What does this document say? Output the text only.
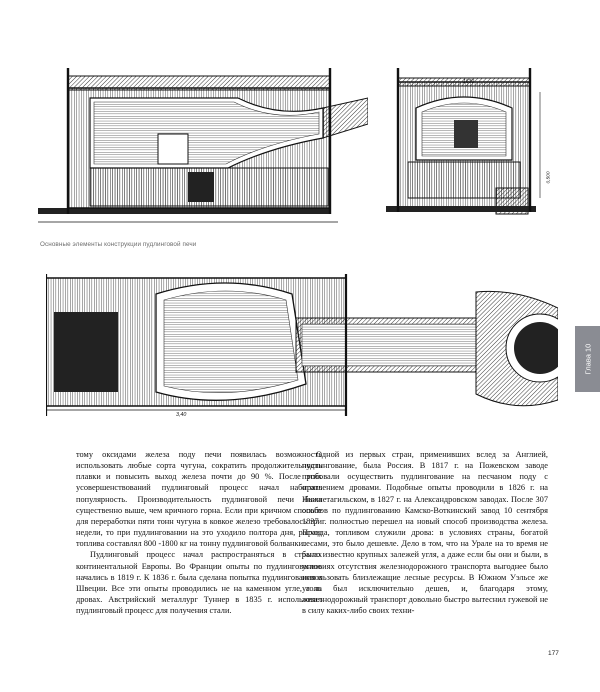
1630
0,500
Основные элементы конструкции пудлинговой печи
3,40

тому оксидами железа поду печи появилась возможность использовать любые сорта чугуна, сократить продолжительность плавки и повысить выход железа почти до 90 %. После этих усовершенствований пудлинговый процесс начал набирать популярность. Производительность пудлинговой печи была существенно выше, чем кричного горна. Если при кричном способе для переработки пяти тонн чугуна в ковкое железо требовалось три недели, то при пудлинговании на это уходило полтора дня, расход топлива составлял 800 -1800 кг на тонну пудлинговой болванки.

Пудлинговый процесс начал распространяться в странах континентальной Европы. Во Франции опыты по пудлингованию начались в 1819 г. К 1836 г. была сделана попытка пудлингования в Швеции. Все эти опыты проводились не на каменном угле, а на дровах. Австрийский металлург Туннер в 1835 г. использовал пудлинговый процесс для получения стали.

Одной из первых стран, применивших вслед за Англией, пудлингование, была Россия. В 1817 г. на Пожевском заводе пробовали осуществить пудлингование на песчаном поду с отоплением дровами. Подобные опыты проводили в 1826 г. на Нижнетагильском, в 1827 г. на Александровском заводах. После 307 опытов по пудлингованию Камско-Воткинский завод 10 сентября 1837 г. полностью перешел на новый способ производства железа. Правда, топливом служили дрова: в условиях страны, богатой лесами, это было дешевле. Дело в том, что на Урале на то время не было известно крупных залежей угля, а даже если бы они и были, в условиях отсутствия железнодорожного транспорта выгоднее было использовать близлежащие лесные ресурсы. В Южном Уэльсе же уголь был исключительно дешев, и, благодаря этому, железнодорожный транспорт довольно быстро вытеснил гужевой не в силу каких-либо своих техни-

Глава 10
177
